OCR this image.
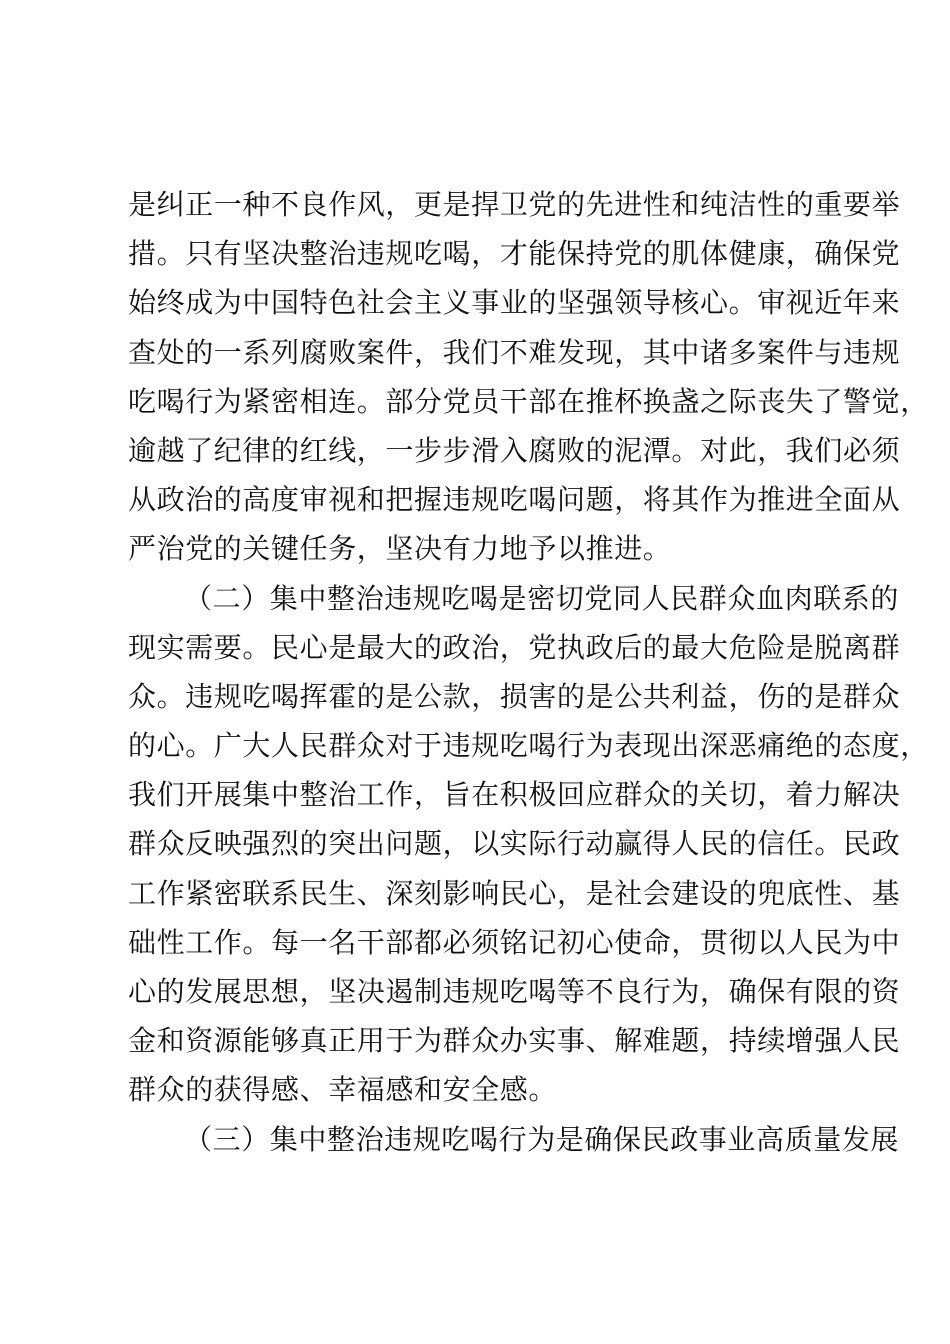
是纠正一种不良作风，更是捍卫党的先进性和纯洁性的重要举
措。只有坚决整治违规吃喝，才能保持党的肌体健康，确保党
始终成为中国特色社会主义事业的坚强领导核心。审视近年来
查处的一系列腐败案件，我们不难发现，其中诸多案件与违规
吃喝行为紧密相连。部分党员干部在推杯换盏之际丧失了警觉，
逾越了纪律的红线，一步步滑入腐败的泥潭。对此，我们必须
从政治的高度审视和把握违规吃喝问题，将其作为推进全面从
严治党的关键任务，坚决有力地予以推进。
（二）集中整治违规吃喝是密切党同人民群众血肉联系的
现实需要。民心是最大的政治，党执政后的最大危险是脱离群
众。违规吃喝挥霍的是公款，损害的是公共利益，伤的是群众
的心。广大人民群众对于违规吃喝行为表现出深恶痛绝的态度，
我们开展集中整治工作，旨在积极回应群众的关切，着力解决
群众反映强烈的突出问题，以实际行动赢得人民的信任。民政
工作紧密联系民生、深刻影响民心，是社会建设的兜底性、基
础性工作。每一名干部都必须铭记初心使命，贯彻以人民为中
心的发展思想，坚决遏制违规吃喝等不良行为，确保有限的资
金和资源能够真正用于为群众办实事、解难题，持续增强人民
群众的获得感、幸福感和安全感。
（三）集中整治违规吃喝行为是确保民政事业高质量发展
